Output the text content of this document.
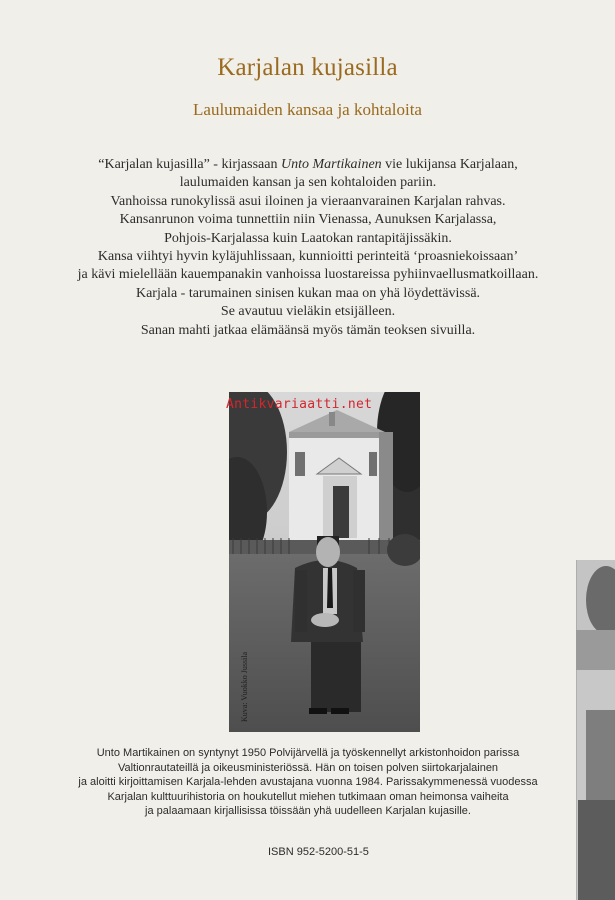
Karjalan kujasilla
Laulumaiden kansaa ja kohtaloita
“Karjalan kujasilla” - kirjassaan Unto Martikainen vie lukijansa Karjalaan,
laulumaiden kansan ja sen kohtaloiden pariin.
Vanhoissa runokylissä asui iloinen ja vieraanvarainen Karjalan rahvas.
Kansanrunon voima tunnettiin niin Vienassa, Aunuksen Karjalassa,
Pohjois-Karjalassa kuin Laatokan rantapitäjissäkin.
Kansa viihtyi hyvin kyläjuhlissaan, kunnioitti perinteitä ‘proasniekoissaan’
ja kävi mielellään kauempanakin vanhoissa luostareissa pyhiinvaellusmatkoillaan.
Karjala - tarumainen sinisen kukan maa on yhä löydettävissä.
Se avautuu vieläkin etsijälleen.
Sanan mahti jatkaa elämäänsä myös tämän teoksen sivuilla.
Antikvariaatti.net
Kuva: Vuokko Jussila
Unto Martikainen on syntynyt 1950 Polvijärvellä ja työskennellyt arkistonhoidon parissa
Valtionrautateillä ja oikeusministeriössä. Hän on toisen polven siirtokarjalainen
ja aloitti kirjoittamisen Karjala-lehden avustajana vuonna 1984. Parissakymmenessä vuodessa
Karjalan kulttuurihistoria on houkutellut miehen tutkimaan oman heimonsa vaiheita
ja palaamaan kirjallisissa töissään yhä uudelleen Karjalan kujasille.
ISBN 952-5200-51-5
